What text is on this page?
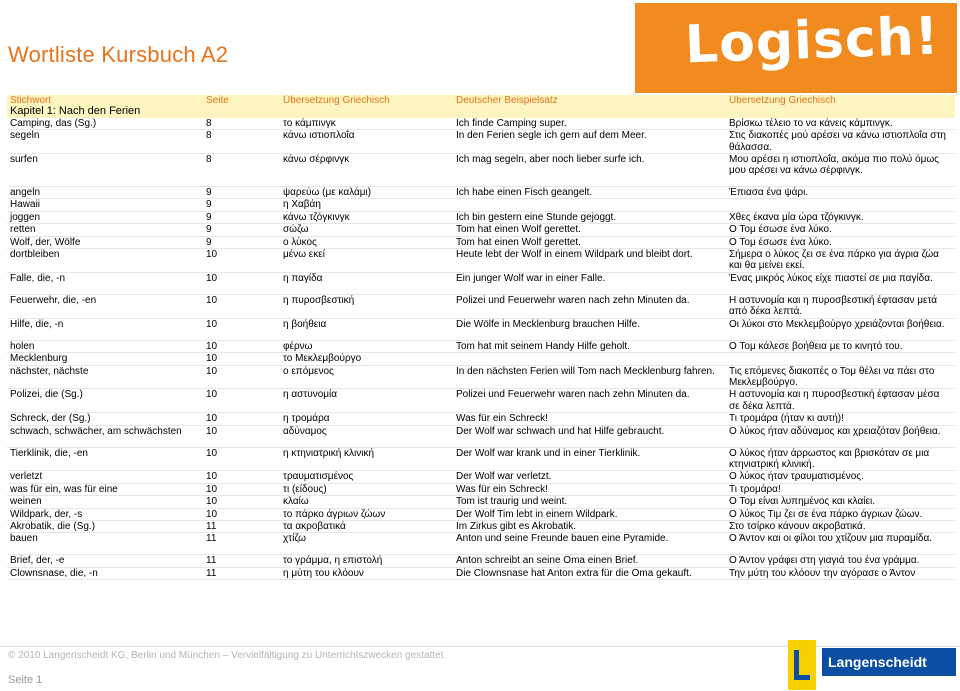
Wortliste Kursbuch A2	Logisch!
Stichwort	Seite	Übersetzung Griechisch	Deutscher Beispielsatz	Übersetzung Griechisch
Kapitel 1: Nach den Ferien				
Camping, das (Sg.)	8	το κάμπινγκ	Ich finde Camping super.	Βρίσκω τέλειο το να κάνεις κάμπινγκ.
segeln	8	κάνω ιστιοπλοΐα	In den Ferien segle ich gern auf dem Meer.	Στις διακοπές μού αρέσει να κάνω ιστιοπλοΐα στη θάλασσα.
surfen	8	κάνω σέρφινγκ	Ich mag segeln, aber noch lieber surfe ich.	Μου αρέσει η ιστιοπλοΐα, ακόμα πιο πολύ όμως μου αρέσει να κάνω σέρφινγκ.
angeln	9	ψαρεύω (με καλάμι)	Ich habe einen Fisch geangelt.	Έπιασα ένα ψάρι.
Hawaii	9	η Χαβάη		
joggen	9	κάνω τζόγκινγκ	Ich bin gestern eine Stunde gejoggt.	Χθες έκανα μία ώρα τζόγκινγκ.
retten	9	σώζω	Tom hat einen Wolf gerettet.	Ο Τομ έσωσε ένα λύκο.
Wolf, der, Wölfe	9	ο λύκος	Tom hat einen Wolf gerettet.	Ο Τομ έσωσε ένα λύκο.
dortbleiben	10	μένω εκεί	Heute lebt der Wolf in einem Wildpark und bleibt dort.	Σήμερα ο λύκος ζει σε ένα πάρκο για άγρια ζώα και θα μείνει εκεί.
Falle, die, -n	10	η παγίδα	Ein junger Wolf war in einer Falle.	Ένας μικρός λύκος είχε πιαστεί σε μια παγίδα.
Feuerwehr, die, -en	10	η πυροσβεστική	Polizei und Feuerwehr waren nach zehn Minuten da.	Η αστυνομία και η πυροσβεστική έφτασαν μετά από δέκα λεπτά.
Hilfe, die, -n	10	η βοήθεια	Die Wölfe in Mecklenburg brauchen Hilfe.	Οι λύκοι στο Μεκλεμβούργο χρειάζονται βοήθεια.
holen	10	φέρνω	Tom hat mit seinem Handy Hilfe geholt.	Ο Τομ κάλεσε βοήθεια με το κινητό του.
Mecklenburg	10	το Μεκλεμβούργο		
nächster, nächste	10	ο επόμενος	In den nächsten Ferien will Tom nach Mecklenburg fahren.	Τις επόμενες διακοπές ο Τομ θέλει να πάει στο Μεκλεμβούργο.
Polizei, die (Sg.)	10	η αστυνομία	Polizei und Feuerwehr waren nach zehn Minuten da.	Η αστυνομία και η πυροσβεστική έφτασαν μέσα σε δέκα λεπτά.
Schreck, der (Sg.)	10	η τρομάρα	Was für ein Schreck!	Τι τρομάρα (ήταν κι αυτή)!
schwach, schwächer, am schwächsten	10	αδύναμος	Der Wolf war schwach und hat Hilfe gebraucht.	Ο λύκος ήταν αδύναμος και χρειαζόταν βοήθεια.
Tierklinik, die, -en	10	η κτηνιατρική κλινική	Der Wolf war krank und in einer Tierklinik.	Ο λύκος ήταν άρρωστος και βρισκόταν σε μια κτηνιατρική κλινική.
verletzt	10	τραυματισμένος	Der Wolf war verletzt.	Ο λύκος ήταν τραυματισμένος.
was für ein, was für eine	10	τι (είδους)	Was für ein Schreck!	Τι τρομάρα!
weinen	10	κλαίω	Tom ist traurig und weint.	Ο Τομ είναι λυπημένος και κλαίει.
Wildpark, der, -s	10	το πάρκο άγριων ζώων	Der Wolf Tim lebt in einem Wildpark.	Ο λύκος Τιμ ζει σε ένα πάρκο άγριων ζώων.
Akrobatik, die (Sg.)	11	τα ακροβατικά	Im Zirkus gibt es Akrobatik.	Στο τσίρκο κάνουν ακροβατικά.
bauen	11	χτίζω	Anton und seine Freunde bauen eine Pyramide.	Ο Άντον και οι φίλοι του χτίζουν μια πυραμίδα.
Brief, der, -e	11	το γράμμα, η επιστολή	Anton schreibt an seine Oma einen Brief.	Ο Άντον γράφει στη γιαγιά του ένα γράμμα.
Clownsnase, die, -n	11	η μύτη του κλόουν	Die Clownsnase hat Anton extra für die Oma gekauft.	Την μύτη του κλόουν την αγόρασε ο Άντον
© 2010 Langenscheidt KG, Berlin und München – Vervielfältigung zu Unterrichtszwecken gestattet.
Seite 1
Langenscheidt
